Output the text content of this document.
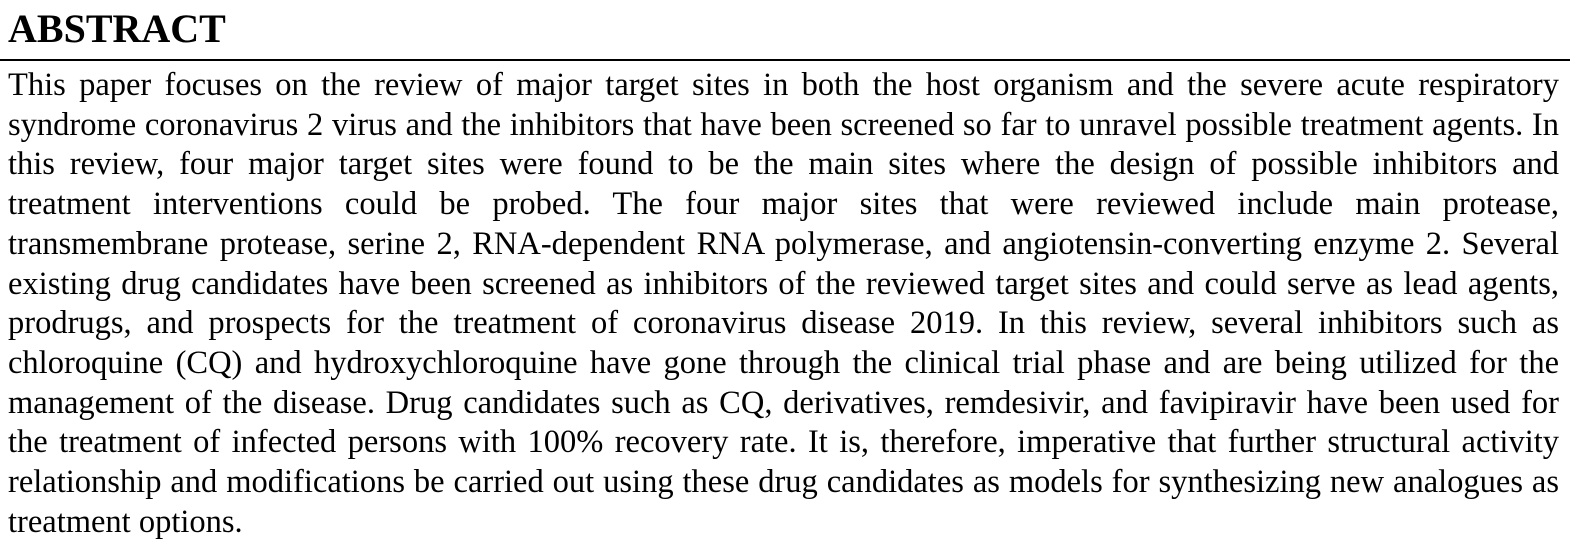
ABSTRACT

This paper focuses on the review of major target sites in both the host organism and the severe acute respiratory syndrome coronavirus 2 virus and the inhibitors that have been screened so far to unravel possible treatment agents. In this review, four major target sites were found to be the main sites where the design of possible inhibitors and treatment interventions could be probed. The four major sites that were reviewed include main protease, transmembrane protease, serine 2, RNA-dependent RNA polymerase, and angiotensin-converting enzyme 2. Several existing drug candidates have been screened as inhibitors of the reviewed target sites and could serve as lead agents, prodrugs, and prospects for the treatment of coronavirus disease 2019. In this review, several inhibitors such as chloroquine (CQ) and hydroxychloroquine have gone through the clinical trial phase and are being utilized for the management of the disease. Drug candidates such as CQ, derivatives, remdesivir, and favipiravir have been used for the treatment of infected persons with 100% recovery rate. It is, therefore, imperative that further structural activity relationship and modifications be carried out using these drug candidates as models for synthesizing new analogues as treatment options.
